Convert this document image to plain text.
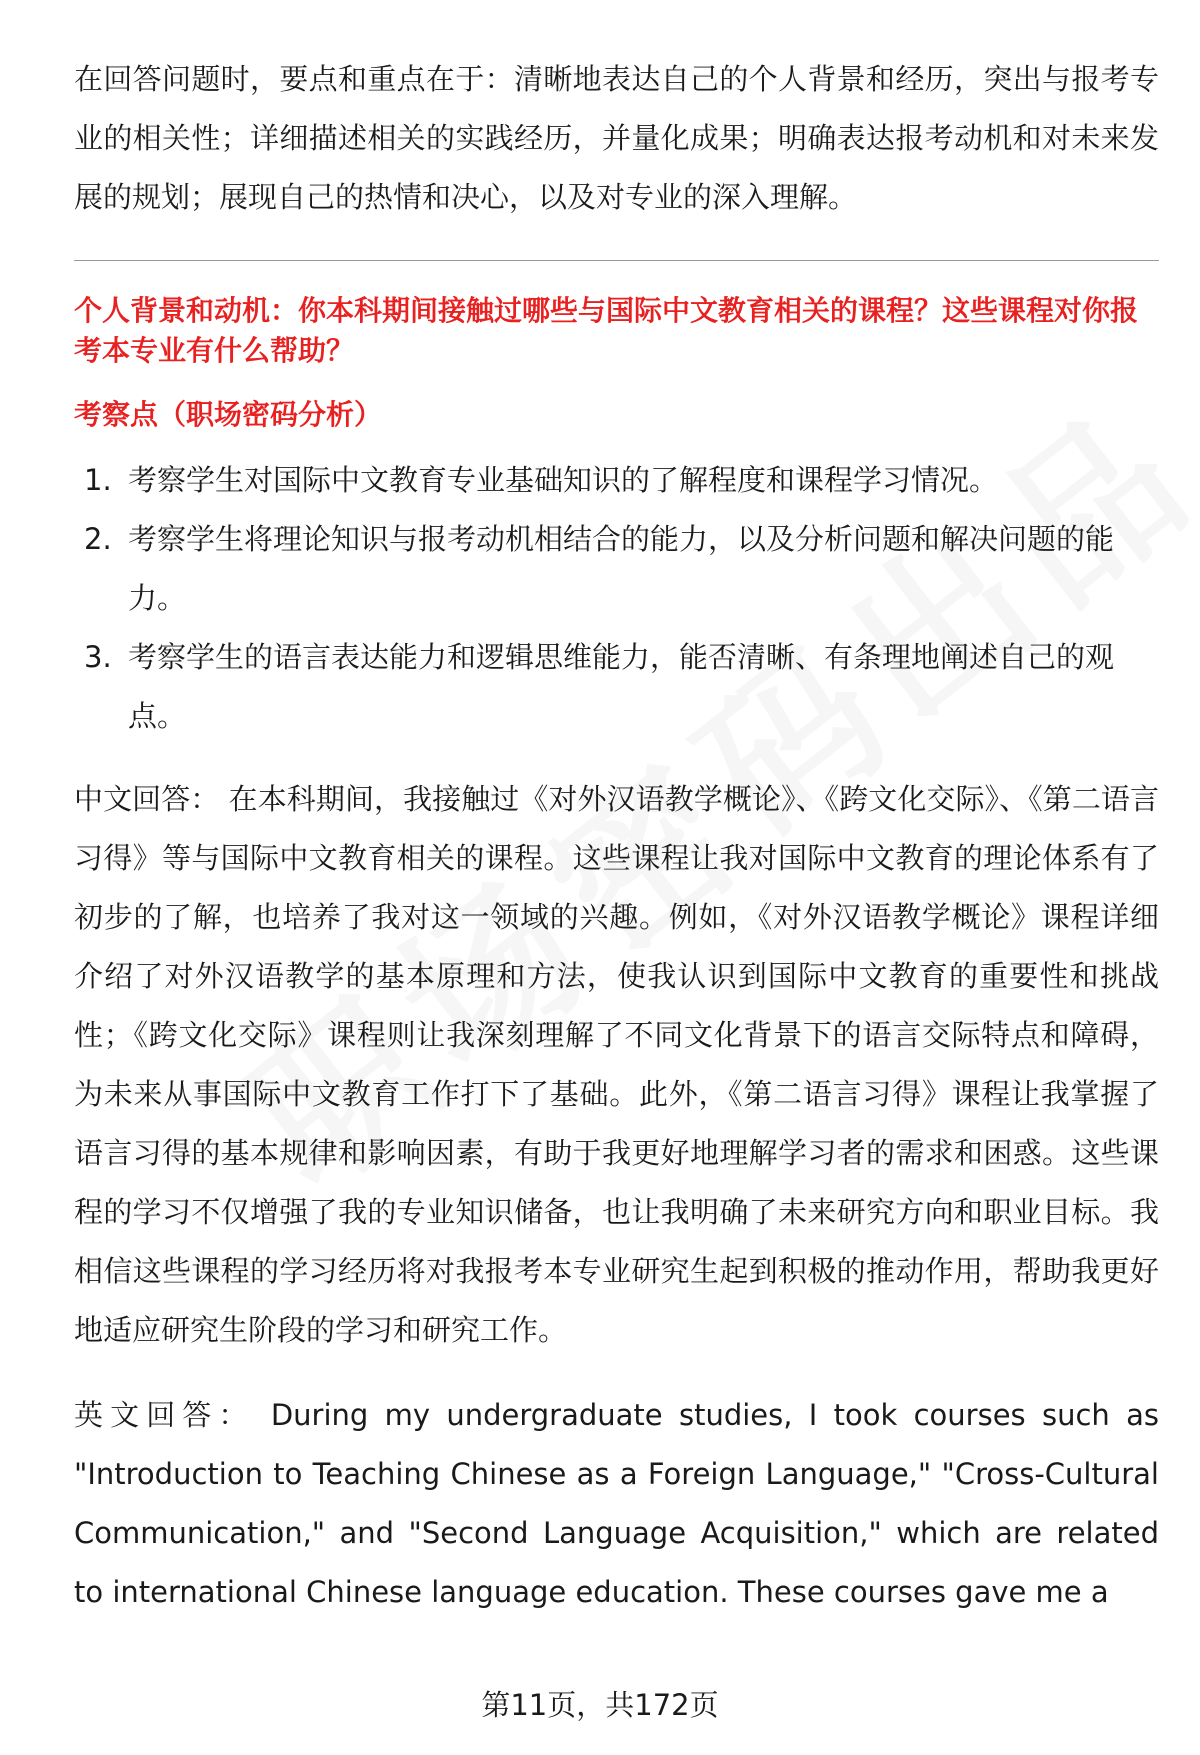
在回答问题时，要点和重点在于：清晰地表达自己的个人背景和经历，突出与报考专业的相关性；详细描述相关的实践经历，并量化成果；明确表达报考动机和对未来发展的规划；展现自己的热情和决心，以及对专业的深入理解。

个人背景和动机：你本科期间接触过哪些与国际中文教育相关的课程？这些课程对你报考本专业有什么帮助？
考察点（职场密码分析）
1. 考察学生对国际中文教育专业基础知识的了解程度和课程学习情况。
2. 考察学生将理论知识与报考动机相结合的能力，以及分析问题和解决问题的能力。
3. 考察学生的语言表达能力和逻辑思维能力，能否清晰、有条理地阐述自己的观点。

中文回答： 在本科期间，我接触过《对外汉语教学概论》、《跨文化交际》、《第二语言习得》等与国际中文教育相关的课程。这些课程让我对国际中文教育的理论体系有了初步的了解，也培养了我对这一领域的兴趣。例如，《对外汉语教学概论》课程详细介绍了对外汉语教学的基本原理和方法，使我认识到国际中文教育的重要性和挑战性；《跨文化交际》课程则让我深刻理解了不同文化背景下的语言交际特点和障碍，为未来从事国际中文教育工作打下了基础。此外，《第二语言习得》课程让我掌握了语言习得的基本规律和影响因素，有助于我更好地理解学习者的需求和困惑。这些课程的学习不仅增强了我的专业知识储备，也让我明确了未来研究方向和职业目标。我相信这些课程的学习经历将对我报考本专业研究生起到积极的推动作用，帮助我更好地适应研究生阶段的学习和研究工作。

英文回答： During my undergraduate studies, I took courses such as "Introduction to Teaching Chinese as a Foreign Language," "Cross-Cultural Communication," and "Second Language Acquisition," which are related to international Chinese language education. These courses gave me a

第11页，共172页
